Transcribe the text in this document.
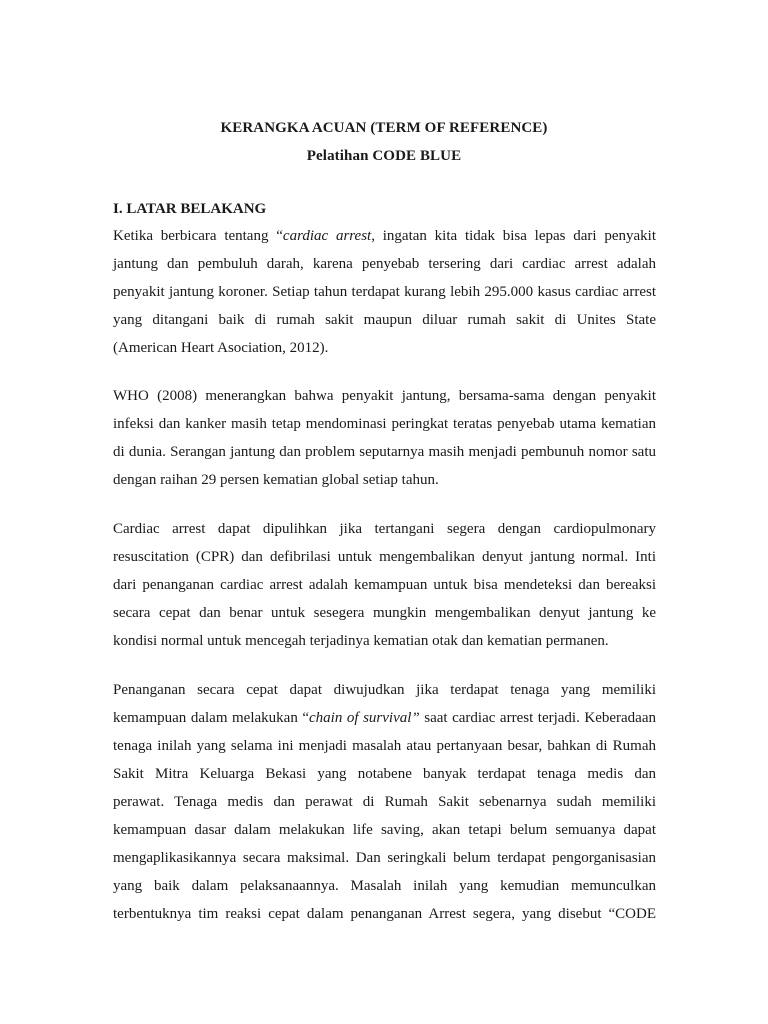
KERANGKA ACUAN (TERM OF REFERENCE)
Pelatihan CODE BLUE
I. LATAR BELAKANG
Ketika berbicara tentang “cardiac arrest, ingatan kita tidak bisa lepas dari penyakit
jantung dan pembuluh darah, karena penyebab tersering dari cardiac arrest adalah
penyakit jantung koroner. Setiap tahun terdapat kurang lebih 295.000 kasus cardiac arrest
yang ditangani baik di rumah sakit maupun diluar rumah sakit di Unites State
(American Heart Asociation, 2012).
WHO (2008) menerangkan bahwa penyakit jantung, bersama-sama dengan penyakit
infeksi dan kanker masih tetap mendominasi peringkat teratas penyebab utama kematian
di dunia. Serangan jantung dan problem seputarnya masih menjadi pembunuh nomor satu
dengan raihan 29 persen kematian global setiap tahun.
Cardiac arrest dapat dipulihkan jika tertangani segera dengan cardiopulmonary
resuscitation (CPR) dan defibrilasi untuk mengembalikan denyut jantung normal. Inti
dari penanganan cardiac arrest adalah kemampuan untuk bisa mendeteksi dan bereaksi
secara cepat dan benar untuk sesegera mungkin mengembalikan denyut jantung ke
kondisi normal untuk mencegah terjadinya kematian otak dan kematian permanen.
Penanganan secara cepat dapat diwujudkan jika terdapat tenaga yang memiliki
kemampuan dalam melakukan “chain of survival” saat cardiac arrest terjadi. Keberadaan
tenaga inilah yang selama ini menjadi masalah atau pertanyaan besar, bahkan di Rumah
Sakit Mitra Keluarga Bekasi yang notabene banyak terdapat tenaga medis dan
perawat. Tenaga medis dan perawat di Rumah Sakit sebenarnya sudah memiliki
kemampuan dasar dalam melakukan life saving, akan tetapi belum semuanya dapat
mengaplikasikannya secara maksimal. Dan seringkali belum terdapat pengorganisasian
yang baik dalam pelaksanaannya. Masalah inilah yang kemudian memunculkan
terbentuknya tim reaksi cepat dalam penanganan Arrest segera, yang disebut “CODE
